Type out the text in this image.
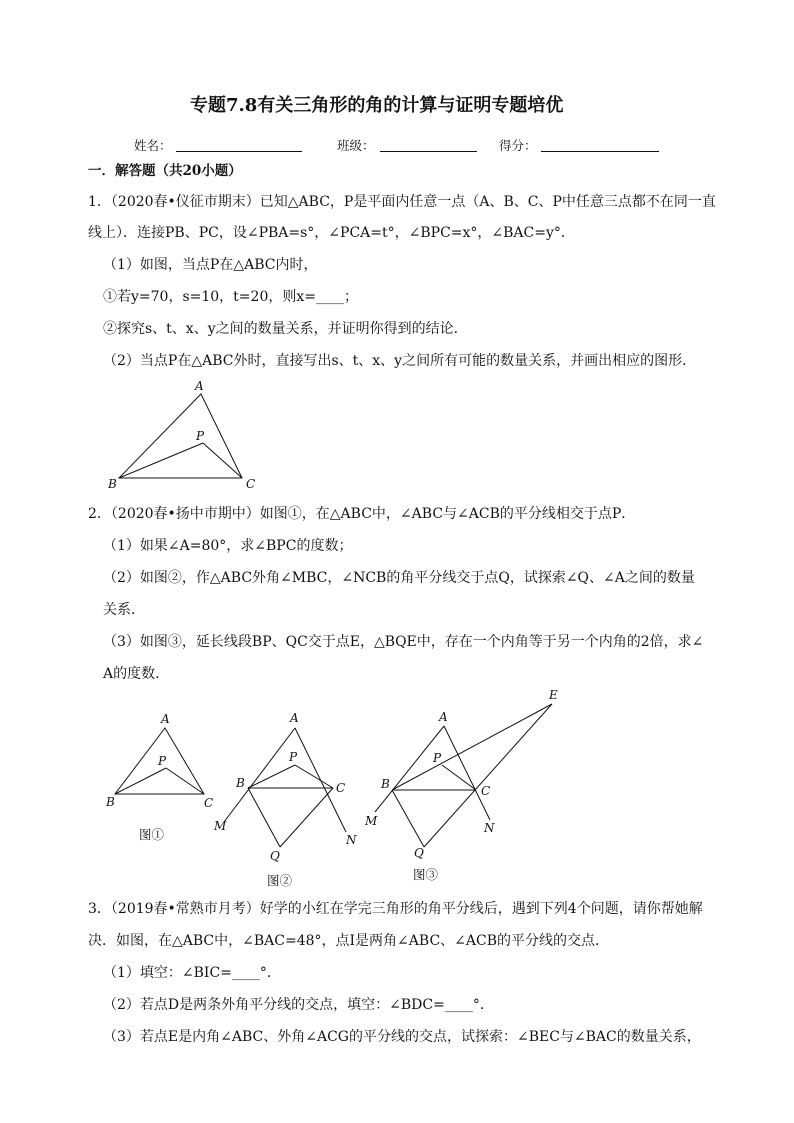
专题7.8有关三角形的角的计算与证明专题培优
姓名：	班级：	得分：
一．解答题（共20小题）
1．（2020春•仪征市期末）已知△ABC，P是平面内任意一点（A、B、C、P中任意三点都不在同一直
线上）．连接PB、PC，设∠PBA=s°，∠PCA=t°，∠BPC=x°，∠BAC=y°．
（1）如图，当点P在△ABC内时，
①若y=70，s=10，t=20，则x=____；
②探究s、t、x、y之间的数量关系，并证明你得到的结论．
（2）当点P在△ABC外时，直接写出s、t、x、y之间所有可能的数量关系，并画出相应的图形．
2．（2020春•扬中市期中）如图①，在△ABC中，∠ABC与∠ACB的平分线相交于点P．
（1）如果∠A=80°，求∠BPC的度数；
（2）如图②，作△ABC外角∠MBC，∠NCB的角平分线交于点Q，试探索∠Q、∠A之间的数量
关系．
（3）如图③，延长线段BP、QC交于点E，△BQE中，存在一个内角等于另一个内角的2倍，求∠
A的度数．
3．（2019春•常熟市月考）好学的小红在学完三角形的角平分线后，遇到下列4个问题，请你帮她解
决．如图，在△ABC中，∠BAC=48°，点I是两角∠ABC、∠ACB的平分线的交点．
（1）填空：∠BIC=____°．
（2）若点D是两条外角平分线的交点，填空：∠BDC=____°．
（3）若点E是内角∠ABC、外角∠ACG的平分线的交点，试探索：∠BEC与∠BAC的数量关系，
图①
图②	图③
A
B	C
P
A
B	C
P
A
B	C
P
M
N
Q
A
B	C
P
M	N
Q
E
